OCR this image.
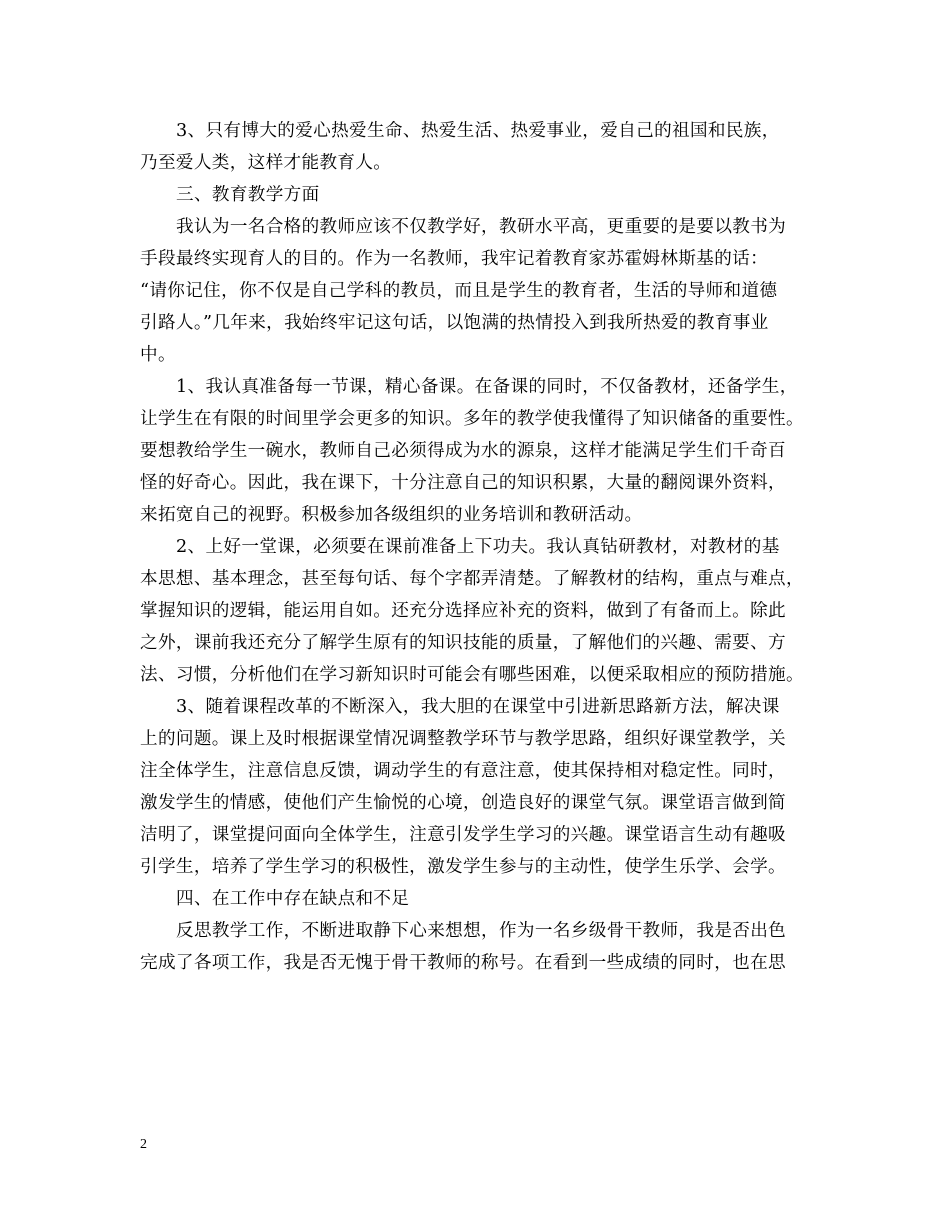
3、只有博大的爱心热爱生命、热爱生活、热爱事业，爱自己的祖国和民族，
乃至爱人类，这样才能教育人。
三、教育教学方面
我认为一名合格的教师应该不仅教学好，教研水平高，更重要的是要以教书为
手段最终实现育人的目的。作为一名教师，我牢记着教育家苏霍姆林斯基的话：
“请你记住，你不仅是自己学科的教员，而且是学生的教育者，生活的导师和道德
引路人。”几年来，我始终牢记这句话，以饱满的热情投入到我所热爱的教育事业
中。
1、我认真准备每一节课，精心备课。在备课的同时，不仅备教材，还备学生，
让学生在有限的时间里学会更多的知识。多年的教学使我懂得了知识储备的重要性。
要想教给学生一碗水，教师自己必须得成为水的源泉，这样才能满足学生们千奇百
怪的好奇心。因此，我在课下，十分注意自己的知识积累，大量的翻阅课外资料，
来拓宽自己的视野。积极参加各级组织的业务培训和教研活动。
2、上好一堂课，必须要在课前准备上下功夫。我认真钻研教材，对教材的基
本思想、基本理念，甚至每句话、每个字都弄清楚。了解教材的结构，重点与难点，
掌握知识的逻辑，能运用自如。还充分选择应补充的资料，做到了有备而上。除此
之外，课前我还充分了解学生原有的知识技能的质量，了解他们的兴趣、需要、方
法、习惯，分析他们在学习新知识时可能会有哪些困难，以便采取相应的预防措施。
3、随着课程改革的不断深入，我大胆的在课堂中引进新思路新方法，解决课
上的问题。课上及时根据课堂情况调整教学环节与教学思路，组织好课堂教学，关
注全体学生，注意信息反馈，调动学生的有意注意，使其保持相对稳定性。同时，
激发学生的情感，使他们产生愉悦的心境，创造良好的课堂气氛。课堂语言做到简
洁明了，课堂提问面向全体学生，注意引发学生学习的兴趣。课堂语言生动有趣吸
引学生，培养了学生学习的积极性，激发学生参与的主动性，使学生乐学、会学。
四、在工作中存在缺点和不足
反思教学工作，不断进取静下心来想想，作为一名乡级骨干教师，我是否出色
完成了各项工作，我是否无愧于骨干教师的称号。在看到一些成绩的同时，也在思
2
